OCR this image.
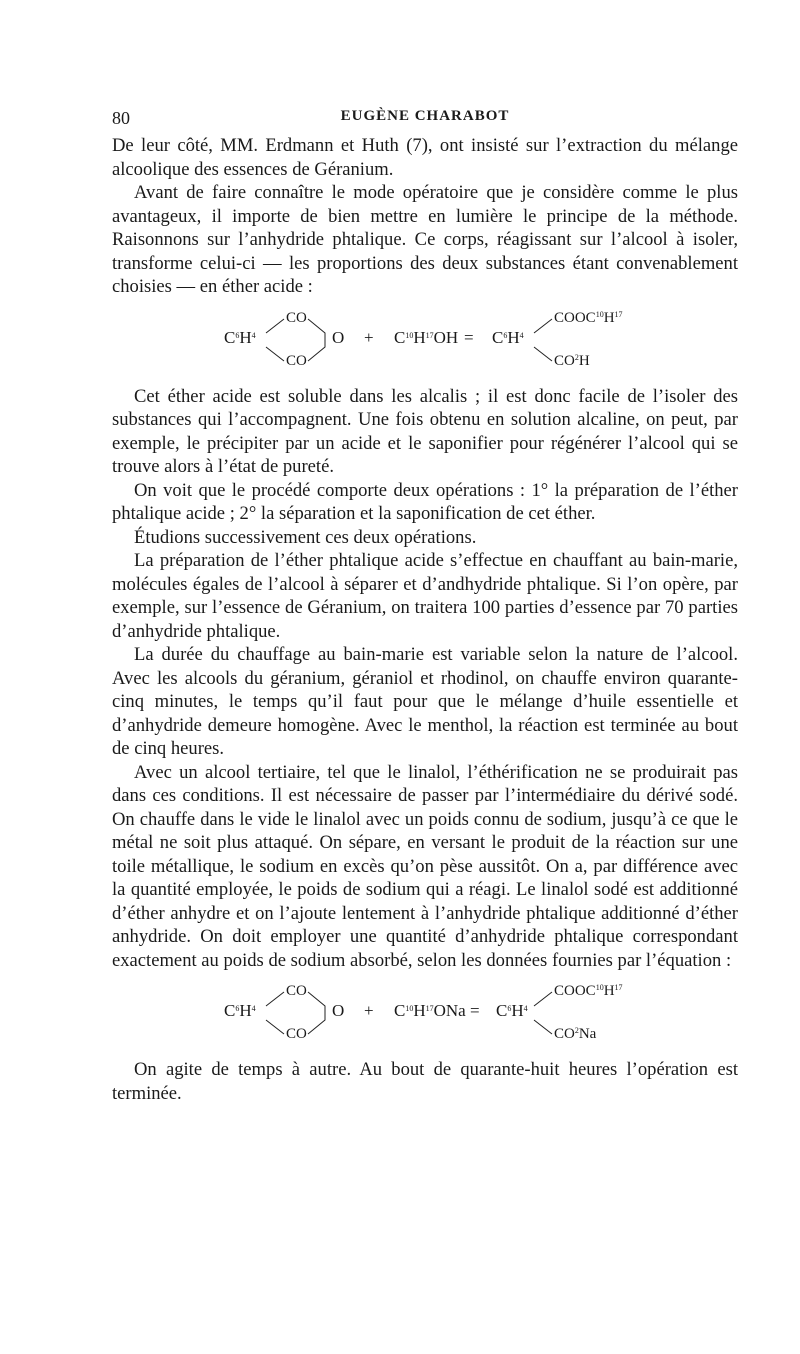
80	EUGÈNE CHARABOT

De leur côté, MM. Erdmann et Huth (7), ont insisté sur l’extraction du mélange alcoolique des essences de Géranium.

Avant de faire connaître le mode opératoire que je considère comme le plus avantageux, il importe de bien mettre en lumière le principe de la méthode. Raisonnons sur l’anhydride phtalique. Ce corps, réagissant sur l’alcool à isoler, transforme celui-ci — les proportions des deux substances étant convenablement choisies — en éther acide :

$C^6H^4$
CO
CO
$O + C^{10}H^{17}OH = C^6H^4$
$COOC^{10}H^{17}$
$CO^2H$

Cet éther acide est soluble dans les alcalis ; il est donc facile de l’isoler des substances qui l’accompagnent. Une fois obtenu en solution alcaline, on peut, par exemple, le précipiter par un acide et le saponifier pour régénérer l’alcool qui se trouve alors à l’état de pureté.

On voit que le procédé comporte deux opérations : 1° la préparation de l’éther phtalique acide ; 2° la séparation et la saponification de cet éther.

Étudions successivement ces deux opérations.

La préparation de l’éther phtalique acide s’effectue en chauffant au bain-marie, molécules égales de l’alcool à séparer et d’andhydride phtalique. Si l’on opère, par exemple, sur l’essence de Géranium, on traitera 100 parties d’essence par 70 parties d’anhydride phtalique.

La durée du chauffage au bain-marie est variable selon la nature de l’alcool. Avec les alcools du géranium, géraniol et rhodinol, on chauffe environ quarante-cinq minutes, le temps qu’il faut pour que le mélange d’huile essentielle et d’anhydride demeure homogène. Avec le menthol, la réaction est terminée au bout de cinq heures.

Avec un alcool tertiaire, tel que le linalol, l’éthérification ne se produirait pas dans ces conditions. Il est nécessaire de passer par l’intermédiaire du dérivé sodé. On chauffe dans le vide le linalol avec un poids connu de sodium, jusqu’à ce que le métal ne soit plus attaqué. On sépare, en versant le produit de la réaction sur une toile métallique, le sodium en excès qu’on pèse aussitôt. On a, par différence avec la quantité employée, le poids de sodium qui a réagi. Le linalol sodé est additionné d’éther anhydre et on l’ajoute lentement à l’anhydride phtalique additionné d’éther anhydride. On doit employer une quantité d’anhydride phtalique correspondant exactement au poids de sodium absorbé, selon les données fournies par l’équation :

$C^6H^4$
CO
CO
$O + C^{10}H^{17}ONa = C^6H^4$
$COOC^{10}H^{17}$
$CO^2Na$

On agite de temps à autre. Au bout de quarante-huit heures l’opération est terminée.
